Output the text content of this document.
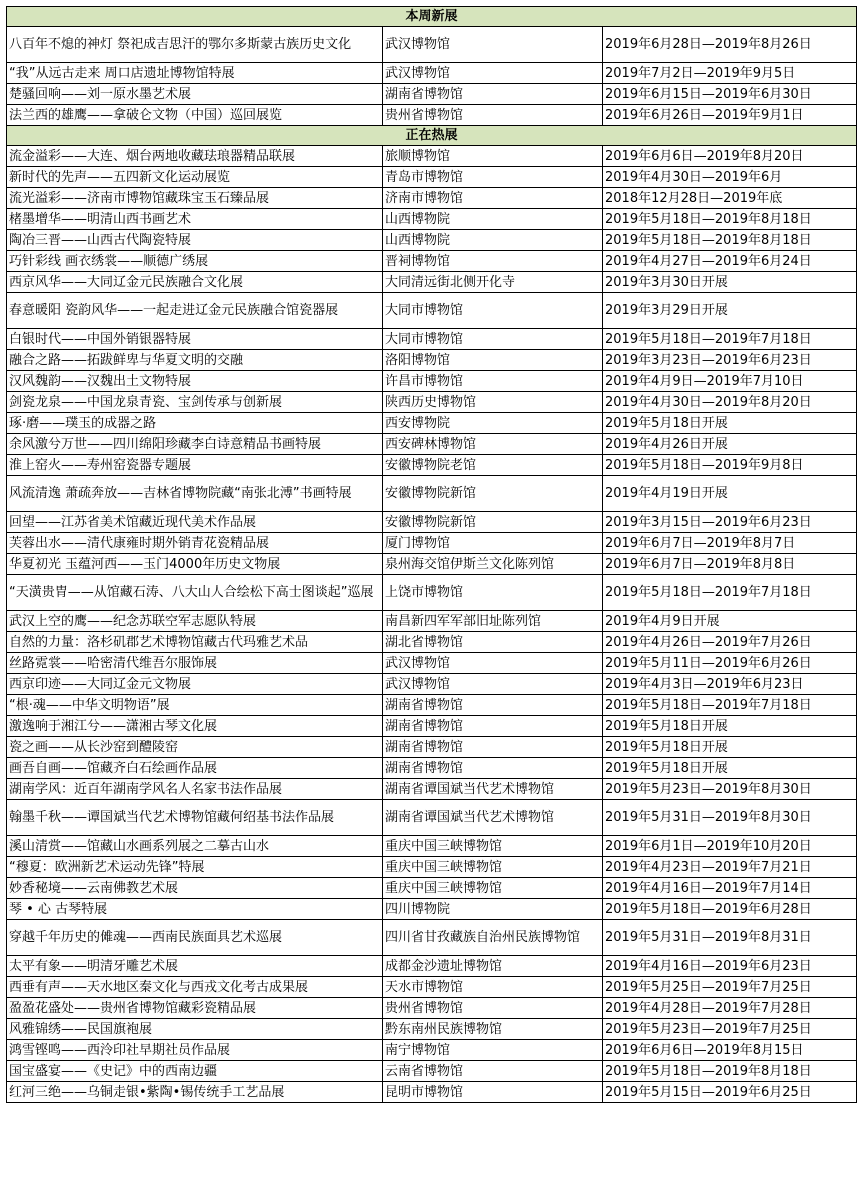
本周新展		
八百年不熄的神灯 祭祀成吉思汗的鄂尔多斯蒙古族历史文化	武汉博物馆	2019年6月28日—2019年8月26日
“我”从远古走来 周口店遗址博物馆特展	武汉博物馆	2019年7月2日—2019年9月5日
楚骚回响——刘一原水墨艺术展	湖南省博物馆	2019年6月15日—2019年6月30日
法兰西的雄鹰——拿破仑文物（中国）巡回展览	贵州省博物馆	2019年6月26日—2019年9月1日
正在热展		
流金溢彩——大连、烟台两地收藏珐琅器精品联展	旅顺博物馆	2019年6月6日—2019年8月20日
新时代的先声——五四新文化运动展览	青岛市博物馆	2019年4月30日—2019年6月
流光溢彩——济南市博物馆藏珠宝玉石臻品展	济南市博物馆	2018年12月28日—2019年底
楮墨增华——明清山西书画艺术	山西博物院	2019年5月18日—2019年8月18日
陶冶三晋——山西古代陶瓷特展	山西博物院	2019年5月18日—2019年8月18日
巧针彩线 画衣绣裳——顺德广绣展	晋祠博物馆	2019年4月27日—2019年6月24日
西京风华——大同辽金元民族融合文化展	大同清远街北侧开化寺	2019年3月30日开展
春意暖阳 瓷韵风华——一起走进辽金元民族融合馆瓷器展	大同市博物馆	2019年3月29日开展
白银时代——中国外销银器特展	大同市博物馆	2019年5月18日—2019年7月18日
融合之路——拓跋鲜卑与华夏文明的交融	洛阳博物馆	2019年3月23日—2019年6月23日
汉风魏韵——汉魏出土文物特展	许昌市博物馆	2019年4月9日—2019年7月10日
剑瓷龙泉——中国龙泉青瓷、宝剑传承与创新展	陕西历史博物馆	2019年4月30日—2019年8月20日
琢·磨——璞玉的成器之路	西安博物院	2019年5月18日开展
余风激兮万世——四川绵阳珍藏李白诗意精品书画特展	西安碑林博物馆	2019年4月26日开展
淮上窑火——寿州窑瓷器专题展	安徽博物院老馆	2019年5月18日—2019年9月8日
风流清逸 萧疏奔放——吉林省博物院藏“南张北溥”书画特展	安徽博物院新馆	2019年4月19日开展
回望——江苏省美术馆藏近现代美术作品展	安徽博物院新馆	2019年3月15日—2019年6月23日
芙蓉出水——清代康雍时期外销青花瓷精品展	厦门博物馆	2019年6月7日—2019年8月7日
华夏初光 玉蕴河西——玉门4000年历史文物展	泉州海交馆伊斯兰文化陈列馆	2019年6月7日—2019年8月8日
“天潢贵胄——从馆藏石涛、八大山人合绘松下高士图谈起”巡展	上饶市博物馆	2019年5月18日—2019年7月18日
武汉上空的鹰——纪念苏联空军志愿队特展	南昌新四军军部旧址陈列馆	2019年4月9日开展
自然的力量：洛杉矶郡艺术博物馆藏古代玛雅艺术品	湖北省博物馆	2019年4月26日—2019年7月26日
丝路霓裳——哈密清代维吾尔服饰展	武汉博物馆	2019年5月11日—2019年6月26日
西京印迹——大同辽金元文物展	武汉博物馆	2019年4月3日—2019年6月23日
“根·魂——中华文明物语”展	湖南省博物馆	2019年5月18日—2019年7月18日
激逸响于湘江兮——潇湘古琴文化展	湖南省博物馆	2019年5月18日开展
瓷之画——从长沙窑到醴陵窑	湖南省博物馆	2019年5月18日开展
画吾自画——馆藏齐白石绘画作品展	湖南省博物馆	2019年5月18日开展
湖南学风：近百年湖南学风名人名家书法作品展	湖南省谭国斌当代艺术博物馆	2019年5月23日—2019年8月30日
翰墨千秋——谭国斌当代艺术博物馆藏何绍基书法作品展	湖南省谭国斌当代艺术博物馆	2019年5月31日—2019年8月30日
溪山清赏——馆藏山水画系列展之二摹古山水	重庆中国三峡博物馆	2019年6月1日—2019年10月20日
“穆夏：欧洲新艺术运动先锋”特展	重庆中国三峡博物馆	2019年4月23日—2019年7月21日
妙香秘境——云南佛教艺术展	重庆中国三峡博物馆	2019年4月16日—2019年7月14日
琴 • 心 古琴特展	四川博物院	2019年5月18日—2019年6月28日
穿越千年历史的傩魂——西南民族面具艺术巡展	四川省甘孜藏族自治州民族博物馆	2019年5月31日—2019年8月31日
太平有象——明清牙雕艺术展	成都金沙遗址博物馆	2019年4月16日—2019年6月23日
西垂有声——天水地区秦文化与西戎文化考古成果展	天水市博物馆	2019年5月25日—2019年7月25日
盈盈花盛处——贵州省博物馆藏彩瓷精品展	贵州省博物馆	2019年4月28日—2019年7月28日
风雅锦绣——民国旗袍展	黔东南州民族博物馆	2019年5月23日—2019年7月25日
鸿雪铿鸣——西泠印社早期社员作品展	南宁博物馆	2019年6月6日—2019年8月15日
国宝盛宴——《史记》中的西南边疆	云南省博物馆	2019年5月18日—2019年8月18日
红河三绝——乌铜走银•紫陶•锡传统手工艺品展	昆明市博物馆	2019年5月15日—2019年6月25日
